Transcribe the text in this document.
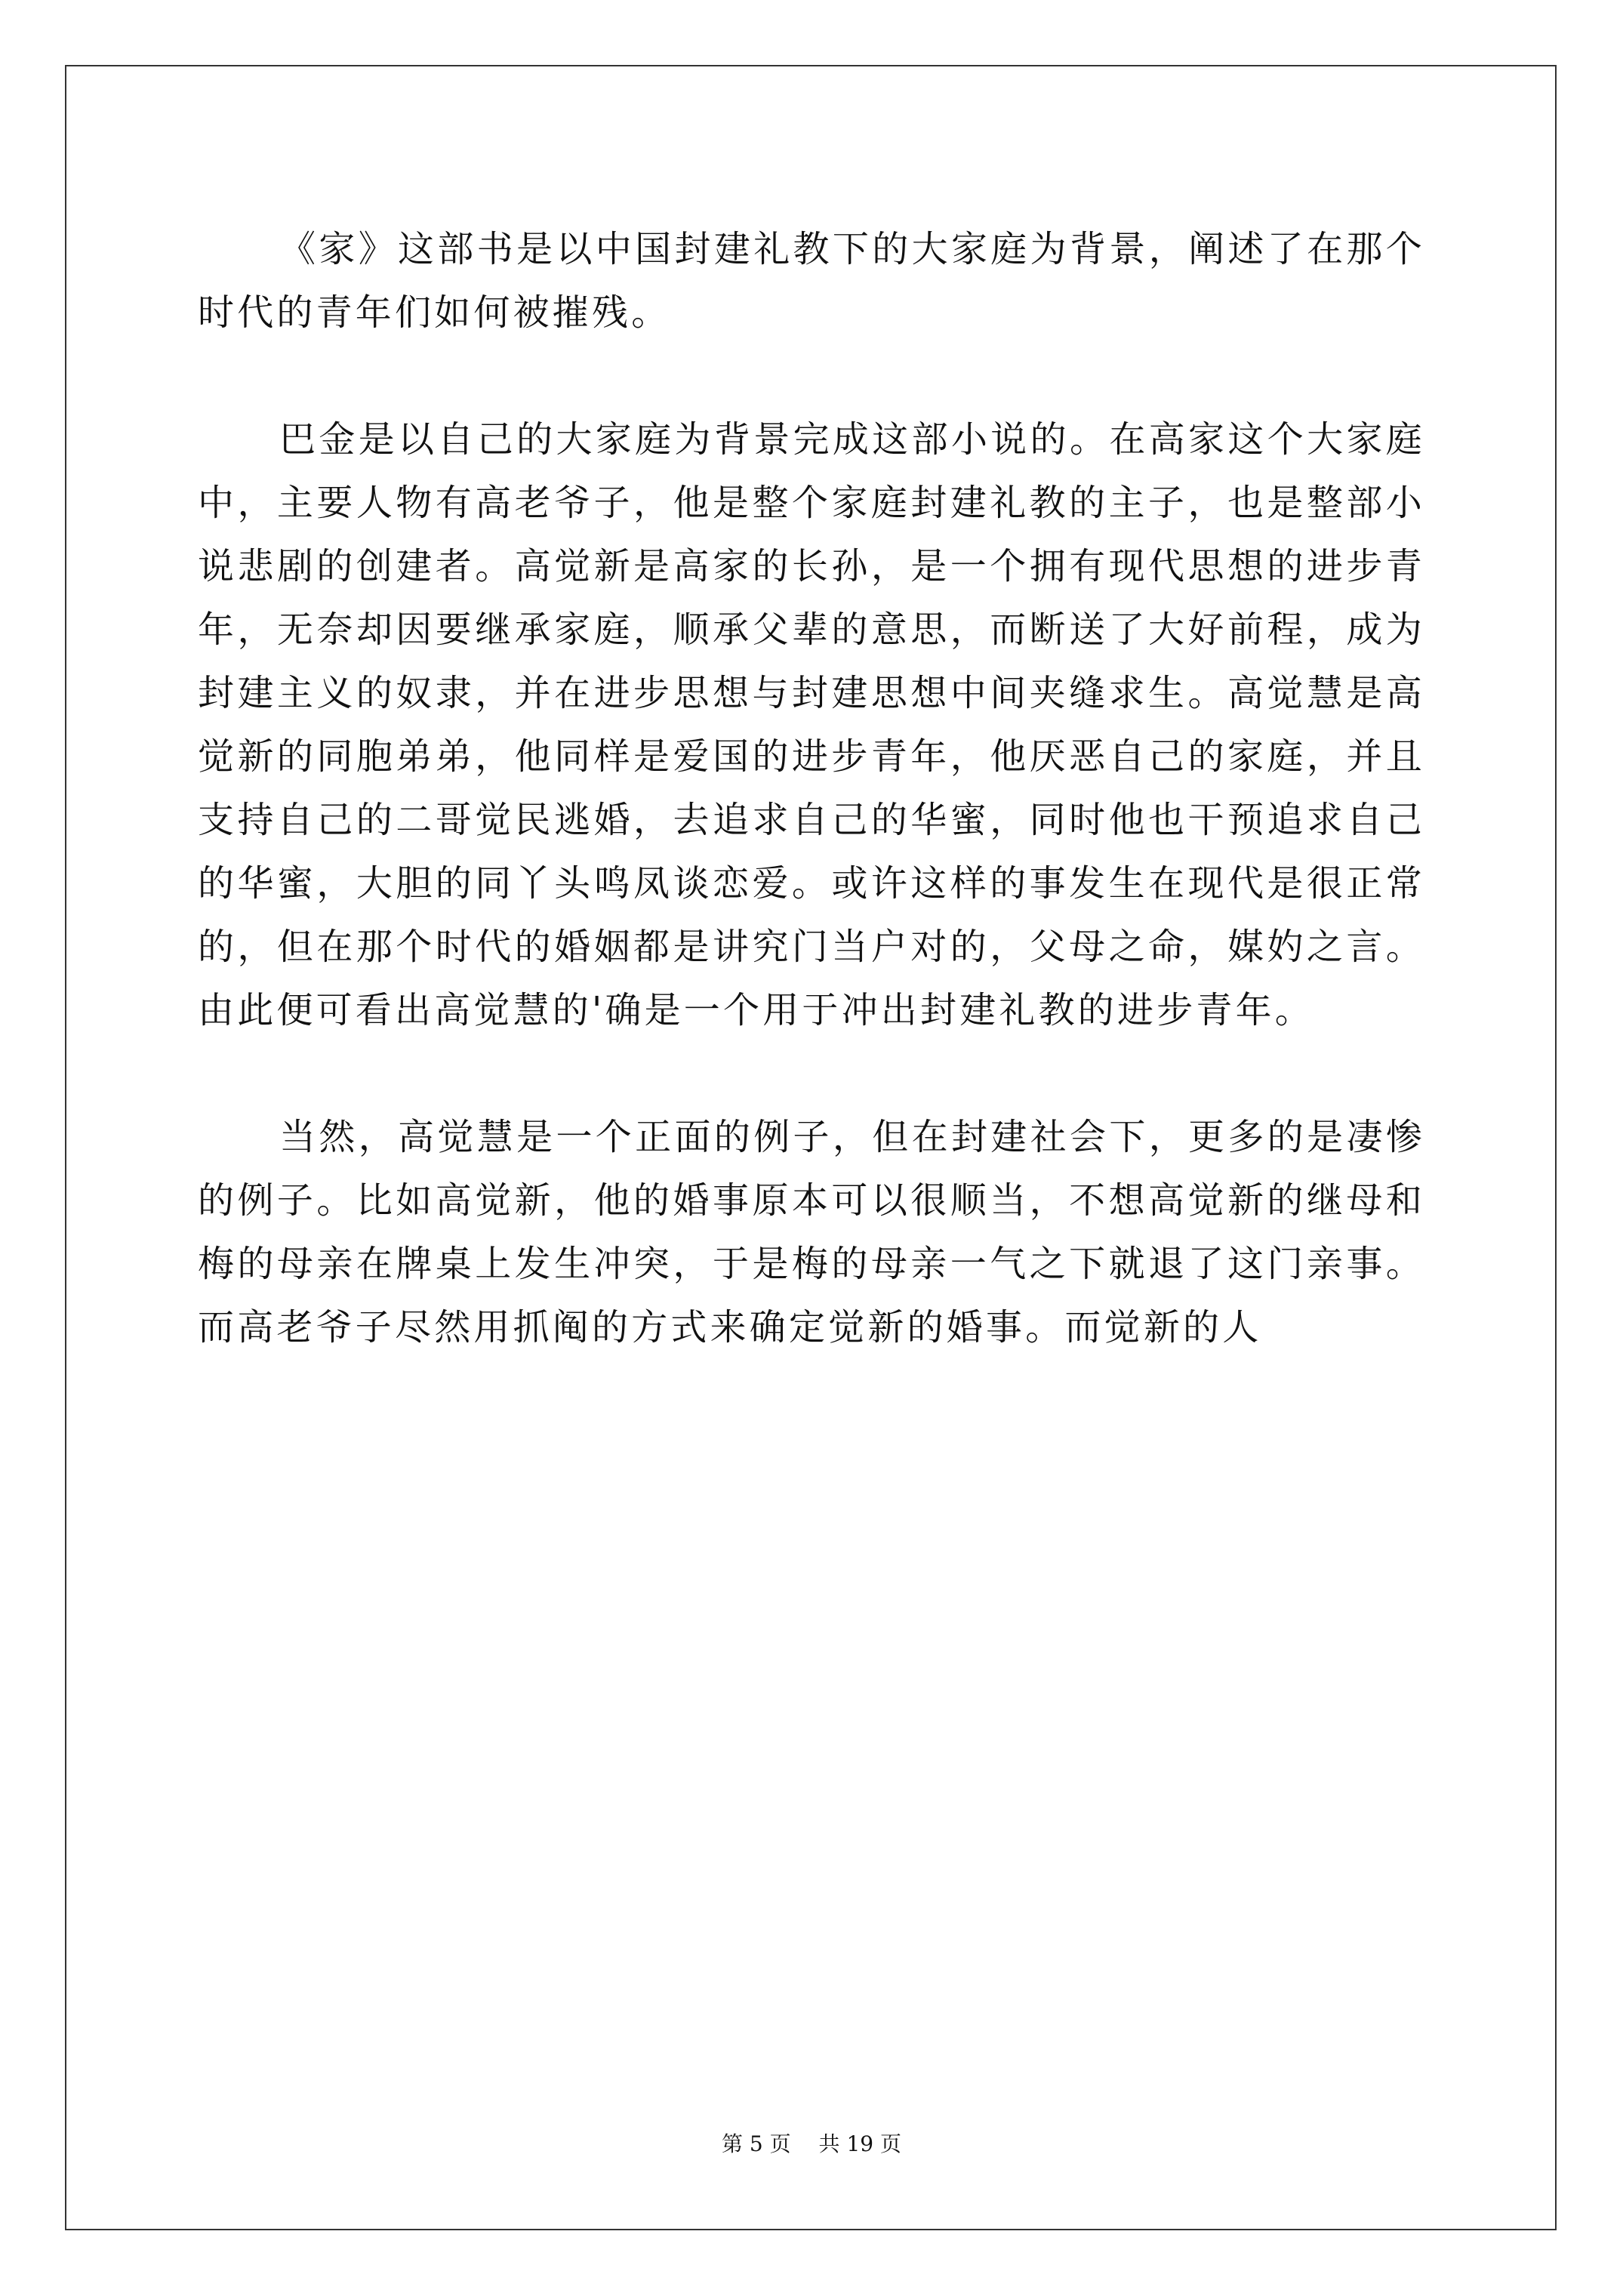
《家》这部书是以中国封建礼教下的大家庭为背景，阐述了在那个时代的青年们如何被摧残。

巴金是以自己的大家庭为背景完成这部小说的。在高家这个大家庭中，主要人物有高老爷子，他是整个家庭封建礼教的主子，也是整部小说悲剧的创建者。高觉新是高家的长孙，是一个拥有现代思想的进步青年，无奈却因要继承家庭，顺承父辈的意思，而断送了大好前程，成为封建主义的奴隶，并在进步思想与封建思想中间夹缝求生。高觉慧是高觉新的同胞弟弟，他同样是爱国的进步青年，他厌恶自己的家庭，并且支持自己的二哥觉民逃婚，去追求自己的华蜜，同时他也干预追求自己的华蜜，大胆的同丫头鸣凤谈恋爱。或许这样的事发生在现代是很正常的，但在那个时代的婚姻都是讲究门当户对的，父母之命，媒妁之言。由此便可看出高觉慧的'确是一个用于冲出封建礼教的进步青年。

当然，高觉慧是一个正面的例子，但在封建社会下，更多的是凄惨的例子。比如高觉新，他的婚事原本可以很顺当，不想高觉新的继母和梅的母亲在牌桌上发生冲突，于是梅的母亲一气之下就退了这门亲事。而高老爷子尽然用抓阄的方式来确定觉新的婚事。而觉新的人

第 5 页 共 19 页
